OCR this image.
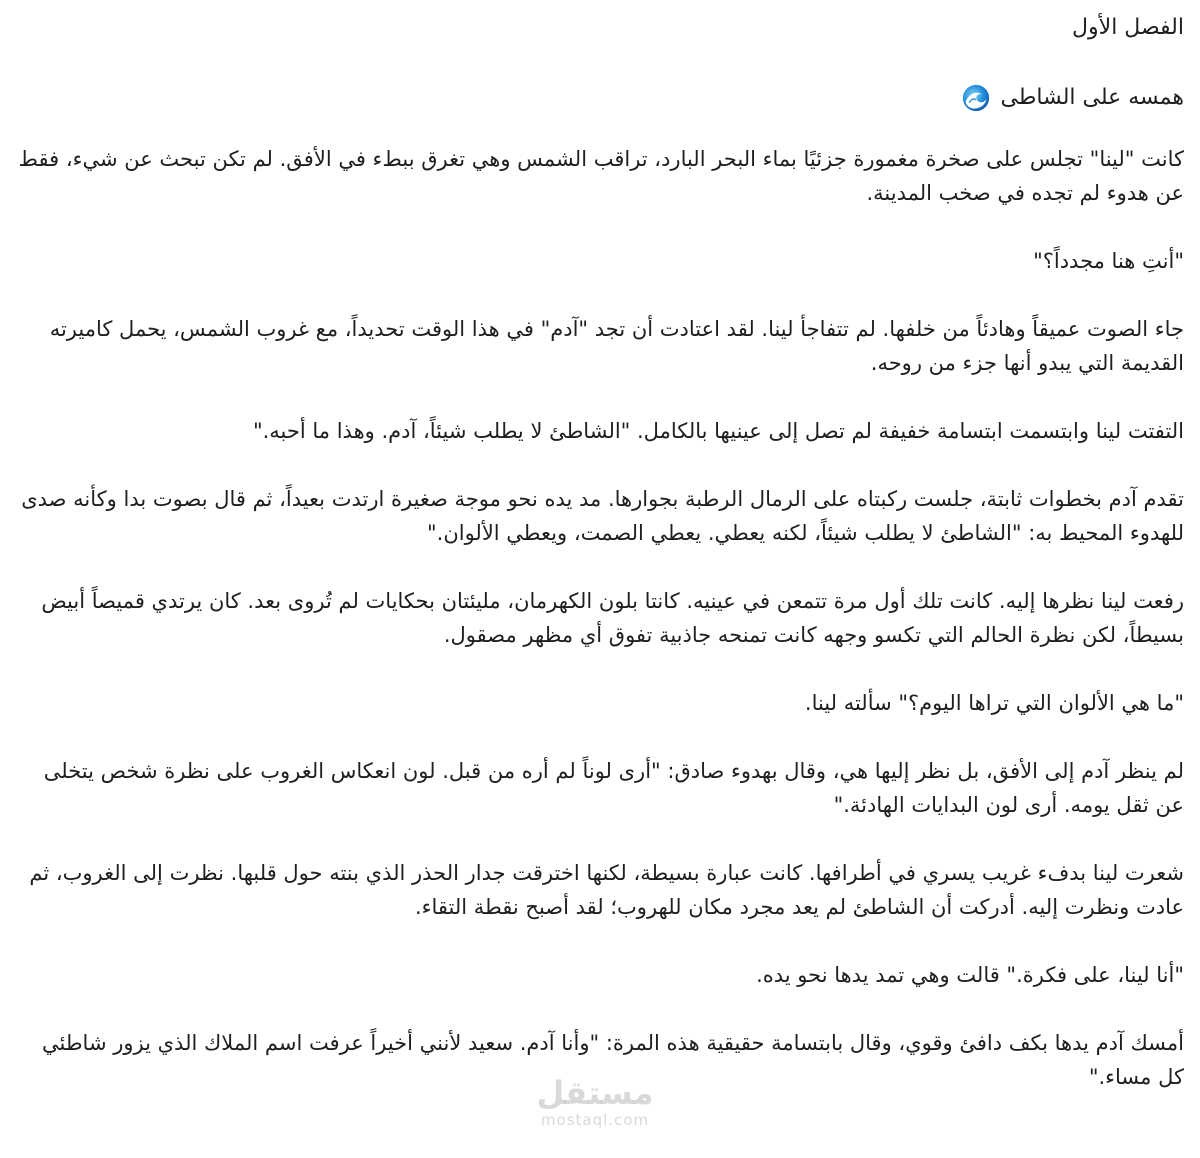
الفصل الأول
همسه على الشاطى

كانت "لينا" تجلس على صخرة مغمورة جزئيًا بماء البحر البارد، تراقب الشمس وهي تغرق ببطء في الأفق. لم تكن تبحث عن شيء، فقط عن هدوء لم تجده في صخب المدينة.

"أنتِ هنا مجدداً؟"

جاء الصوت عميقاً وهادئاً من خلفها. لم تتفاجأ لينا. لقد اعتادت أن تجد "آدم" في هذا الوقت تحديداً، مع غروب الشمس، يحمل كاميرته القديمة التي يبدو أنها جزء من روحه.

التفتت لينا وابتسمت ابتسامة خفيفة لم تصل إلى عينيها بالكامل. "الشاطئ لا يطلب شيئاً، آدم. وهذا ما أحبه."

تقدم آدم بخطوات ثابتة، جلست ركبتاه على الرمال الرطبة بجوارها. مد يده نحو موجة صغيرة ارتدت بعيداً، ثم قال بصوت بدا وكأنه صدى للهدوء المحيط به: "الشاطئ لا يطلب شيئاً، لكنه يعطي. يعطي الصمت، ويعطي الألوان."

رفعت لينا نظرها إليه. كانت تلك أول مرة تتمعن في عينيه. كانتا بلون الكهرمان، مليئتان بحكايات لم تُروى بعد. كان يرتدي قميصاً أبيض بسيطاً، لكن نظرة الحالم التي تكسو وجهه كانت تمنحه جاذبية تفوق أي مظهر مصقول.

"ما هي الألوان التي تراها اليوم؟" سألته لينا.

لم ينظر آدم إلى الأفق، بل نظر إليها هي، وقال بهدوء صادق: "أرى لوناً لم أره من قبل. لون انعكاس الغروب على نظرة شخص يتخلى عن ثقل يومه. أرى لون البدايات الهادئة."

شعرت لينا بدفء غريب يسري في أطرافها. كانت عبارة بسيطة، لكنها اخترقت جدار الحذر الذي بنته حول قلبها. نظرت إلى الغروب، ثم عادت ونظرت إليه. أدركت أن الشاطئ لم يعد مجرد مكان للهروب؛ لقد أصبح نقطة التقاء.

"أنا لينا، على فكرة." قالت وهي تمد يدها نحو يده.

أمسك آدم يدها بكف دافئ وقوي، وقال بابتسامة حقيقية هذه المرة: "وأنا آدم. سعيد لأنني أخيراً عرفت اسم الملاك الذي يزور شاطئي كل مساء."

مستقل
mostaql.com
